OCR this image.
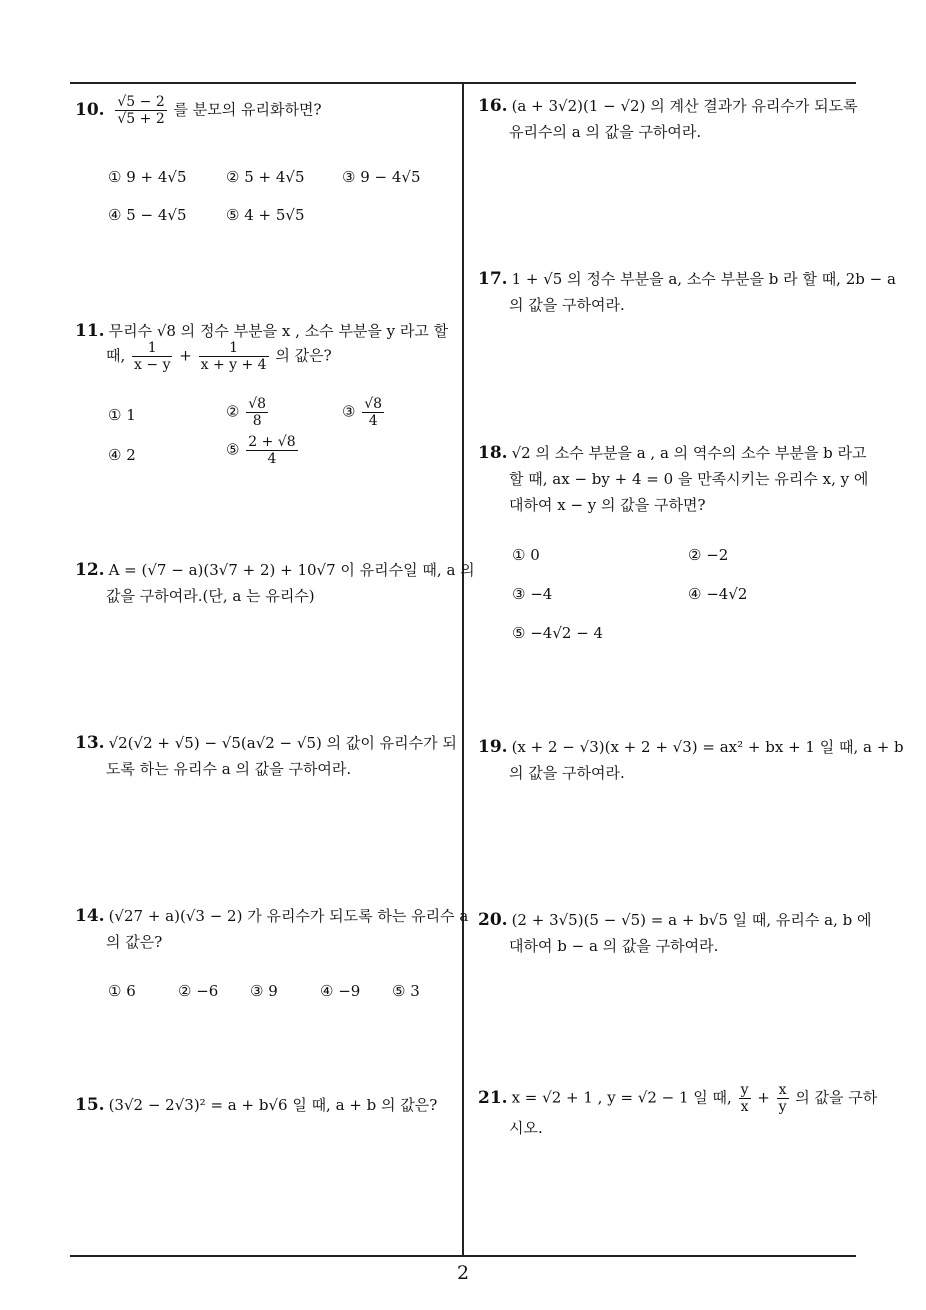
10. $\frac{√5 - 2}{√5 + 2}$ 를 분모의 유리화하면?
① 9 + 4√5	② 5 + 4√5 ③ 9 − 4√5
④ 5 − 4√5	⑤ 4 + 5√5
11. 무리수 √8 의 정수 부분을 x , 소수 부분을 y 라고 할
때, $\frac{1}{x - y} + \frac{1}{x + y + 4}$ 의 값은?
① 1	② $\frac{√8}{8}$	③ $\frac{√8}{4}$
④ 2	⑤ $\frac{2 + √8}{4}$
12. A = (√7 − a)(3√7 + 2) + 10√7 이 유리수일 때, a 의
값을 구하여라.(단, a 는 유리수)
13. √2(√2 + √5) − √5(a√2 − √5) 의 값이 유리수가 되
도록 하는 유리수 a 의 값을 구하여라.
14. (√27 + a)(√3 − 2) 가 유리수가 되도록 하는 유리수 a
의 값은?
① 6	② −6 ③ 9	④ −9 ⑤ 3
15. (3√2 − 2√3)² = a + b√6 일 때, a + b 의 값은?
16. (a + 3√2)(1 − √2) 의 계산 결과가 유리수가 되도록
유리수의 a 의 값을 구하여라.
17. 1 + √5 의 정수 부분을 a, 소수 부분을 b 라 할 때, 2b − a
의 값을 구하여라.
18. √2 의 소수 부분을 a , a 의 역수의 소수 부분을 b 라고
할 때, ax − by + 4 = 0 을 만족시키는 유리수 x, y 에
대하여 x − y 의 값을 구하면?
① 0	② −2
③ −4	④ −4√2
⑤ −4√2 − 4
19. (x + 2 − √3)(x + 2 + √3) = ax² + bx + 1 일 때, a + b
의 값을 구하여라.
20. (2 + 3√5)(5 − √5) = a + b√5 일 때, 유리수 a, b 에
대하여 b − a 의 값을 구하여라.
21. x = √2 + 1 , y = √2 − 1 일 때, $\frac{y}{x} + \frac{x}{y}$ 의 값을 구하
시오.
2
